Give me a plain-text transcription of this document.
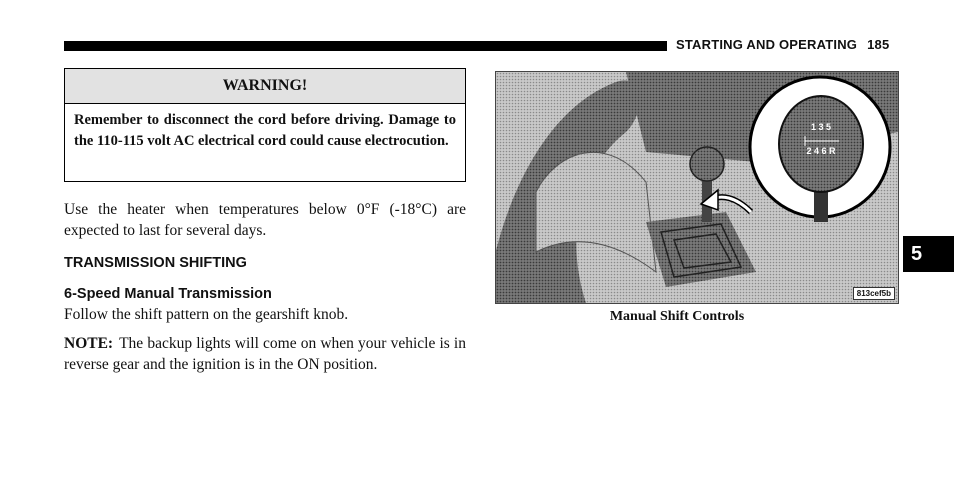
STARTING AND OPERATING 185
WARNING!
Remember to disconnect the cord before driving. Damage to the 110-115 volt AC electrical cord could cause electrocution.
Use the heater when temperatures below 0°F (-18°C) are expected to last for several days.
TRANSMISSION SHIFTING
6-Speed Manual Transmission
Follow the shift pattern on the gearshift knob.
NOTE: The backup lights will come on when your vehicle is in reverse gear and the ignition is in the ON position.
1 3 5
2 4 6 R
813cef5b
Manual Shift Controls
5
